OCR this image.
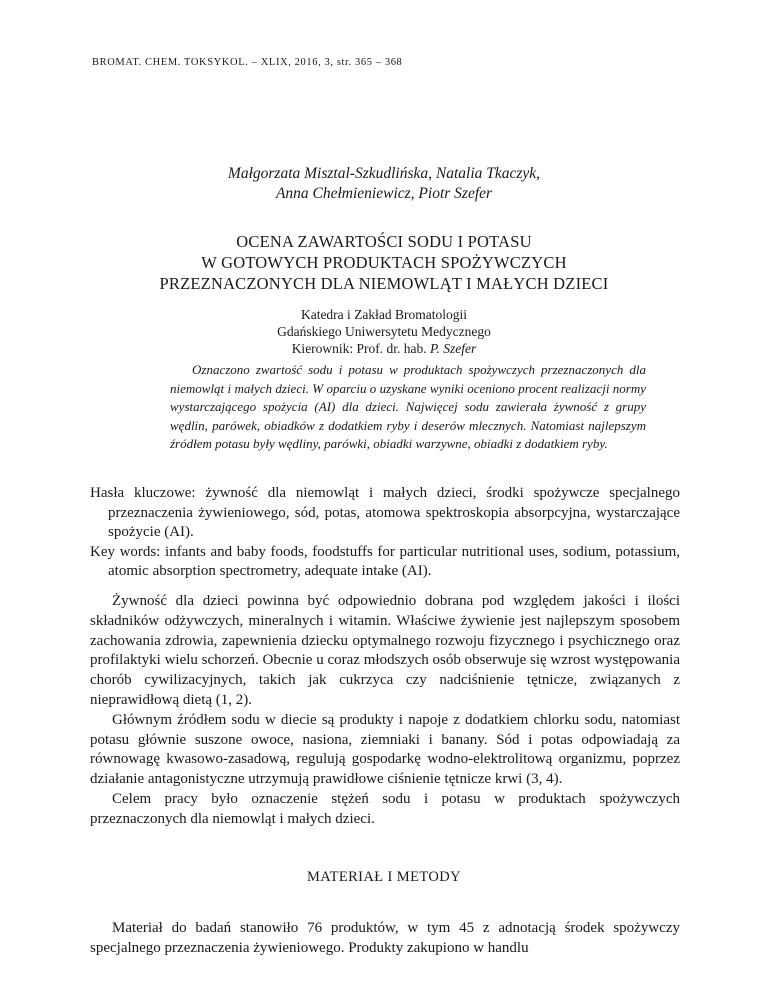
BROMAT. CHEM. TOKSYKOL. – XLIX, 2016, 3, str. 365 – 368
Małgorzata Misztal-Szkudlińska, Natalia Tkaczyk,
Anna Chełmieniewicz, Piotr Szefer
OCENA ZAWARTOŚCI SODU I POTASU
W GOTOWYCH PRODUKTACH SPOŻYWCZYCH
PRZEZNACZONYCH DLA NIEMOWLĄT I MAŁYCH DZIECI
Katedra i Zakład Bromatologii
Gdańskiego Uniwersytetu Medycznego
Kierownik: Prof. dr. hab. P. Szefer
Oznaczono zwartość sodu i potasu w produktach spożywczych przeznaczonych dla niemowląt i małych dzieci. W oparciu o uzyskane wyniki oceniono procent realizacji normy wystarczającego spożycia (AI) dla dzieci. Najwięcej sodu zawierała żywność z grupy wędlin, parówek, obiadków z dodatkiem ryby i deserów mlecznych. Natomiast najlepszym źródłem potasu były wędliny, parówki, obiadki warzywne, obiadki z dodatkiem ryby.
Hasła kluczowe: żywność dla niemowląt i małych dzieci, środki spożywcze specjalnego przeznaczenia żywieniowego, sód, potas, atomowa spektroskopia absorpcyjna, wystarczające spożycie (AI).
Key words: infants and baby foods, foodstuffs for particular nutritional uses, sodium, potassium, atomic absorption spectrometry, adequate intake (AI).

Żywność dla dzieci powinna być odpowiednio dobrana pod względem jakości i ilości składników odżywczych, mineralnych i witamin. Właściwe żywienie jest najlepszym sposobem zachowania zdrowia, zapewnienia dziecku optymalnego rozwoju fizycznego i psychicznego oraz profilaktyki wielu schorzeń. Obecnie u coraz młodszych osób obserwuje się wzrost występowania chorób cywilizacyjnych, takich jak cukrzyca czy nadciśnienie tętnicze, związanych z nieprawidłową dietą (1, 2).

Głównym źródłem sodu w diecie są produkty i napoje z dodatkiem chlorku sodu, natomiast potasu głównie suszone owoce, nasiona, ziemniaki i banany. Sód i potas odpowiadają za równowagę kwasowo-zasadową, regulują gospodarkę wodno-elektrolitową organizmu, poprzez działanie antagonistyczne utrzymują prawidłowe ciśnienie tętnicze krwi (3, 4).

Celem pracy było oznaczenie stężeń sodu i potasu w produktach spożywczych przeznaczonych dla niemowląt i małych dzieci.

MATERIAŁ I METODY

Materiał do badań stanowiło 76 produktów, w tym 45 z adnotacją środek spożywczy specjalnego przeznaczenia żywieniowego. Produkty zakupiono w handlu
